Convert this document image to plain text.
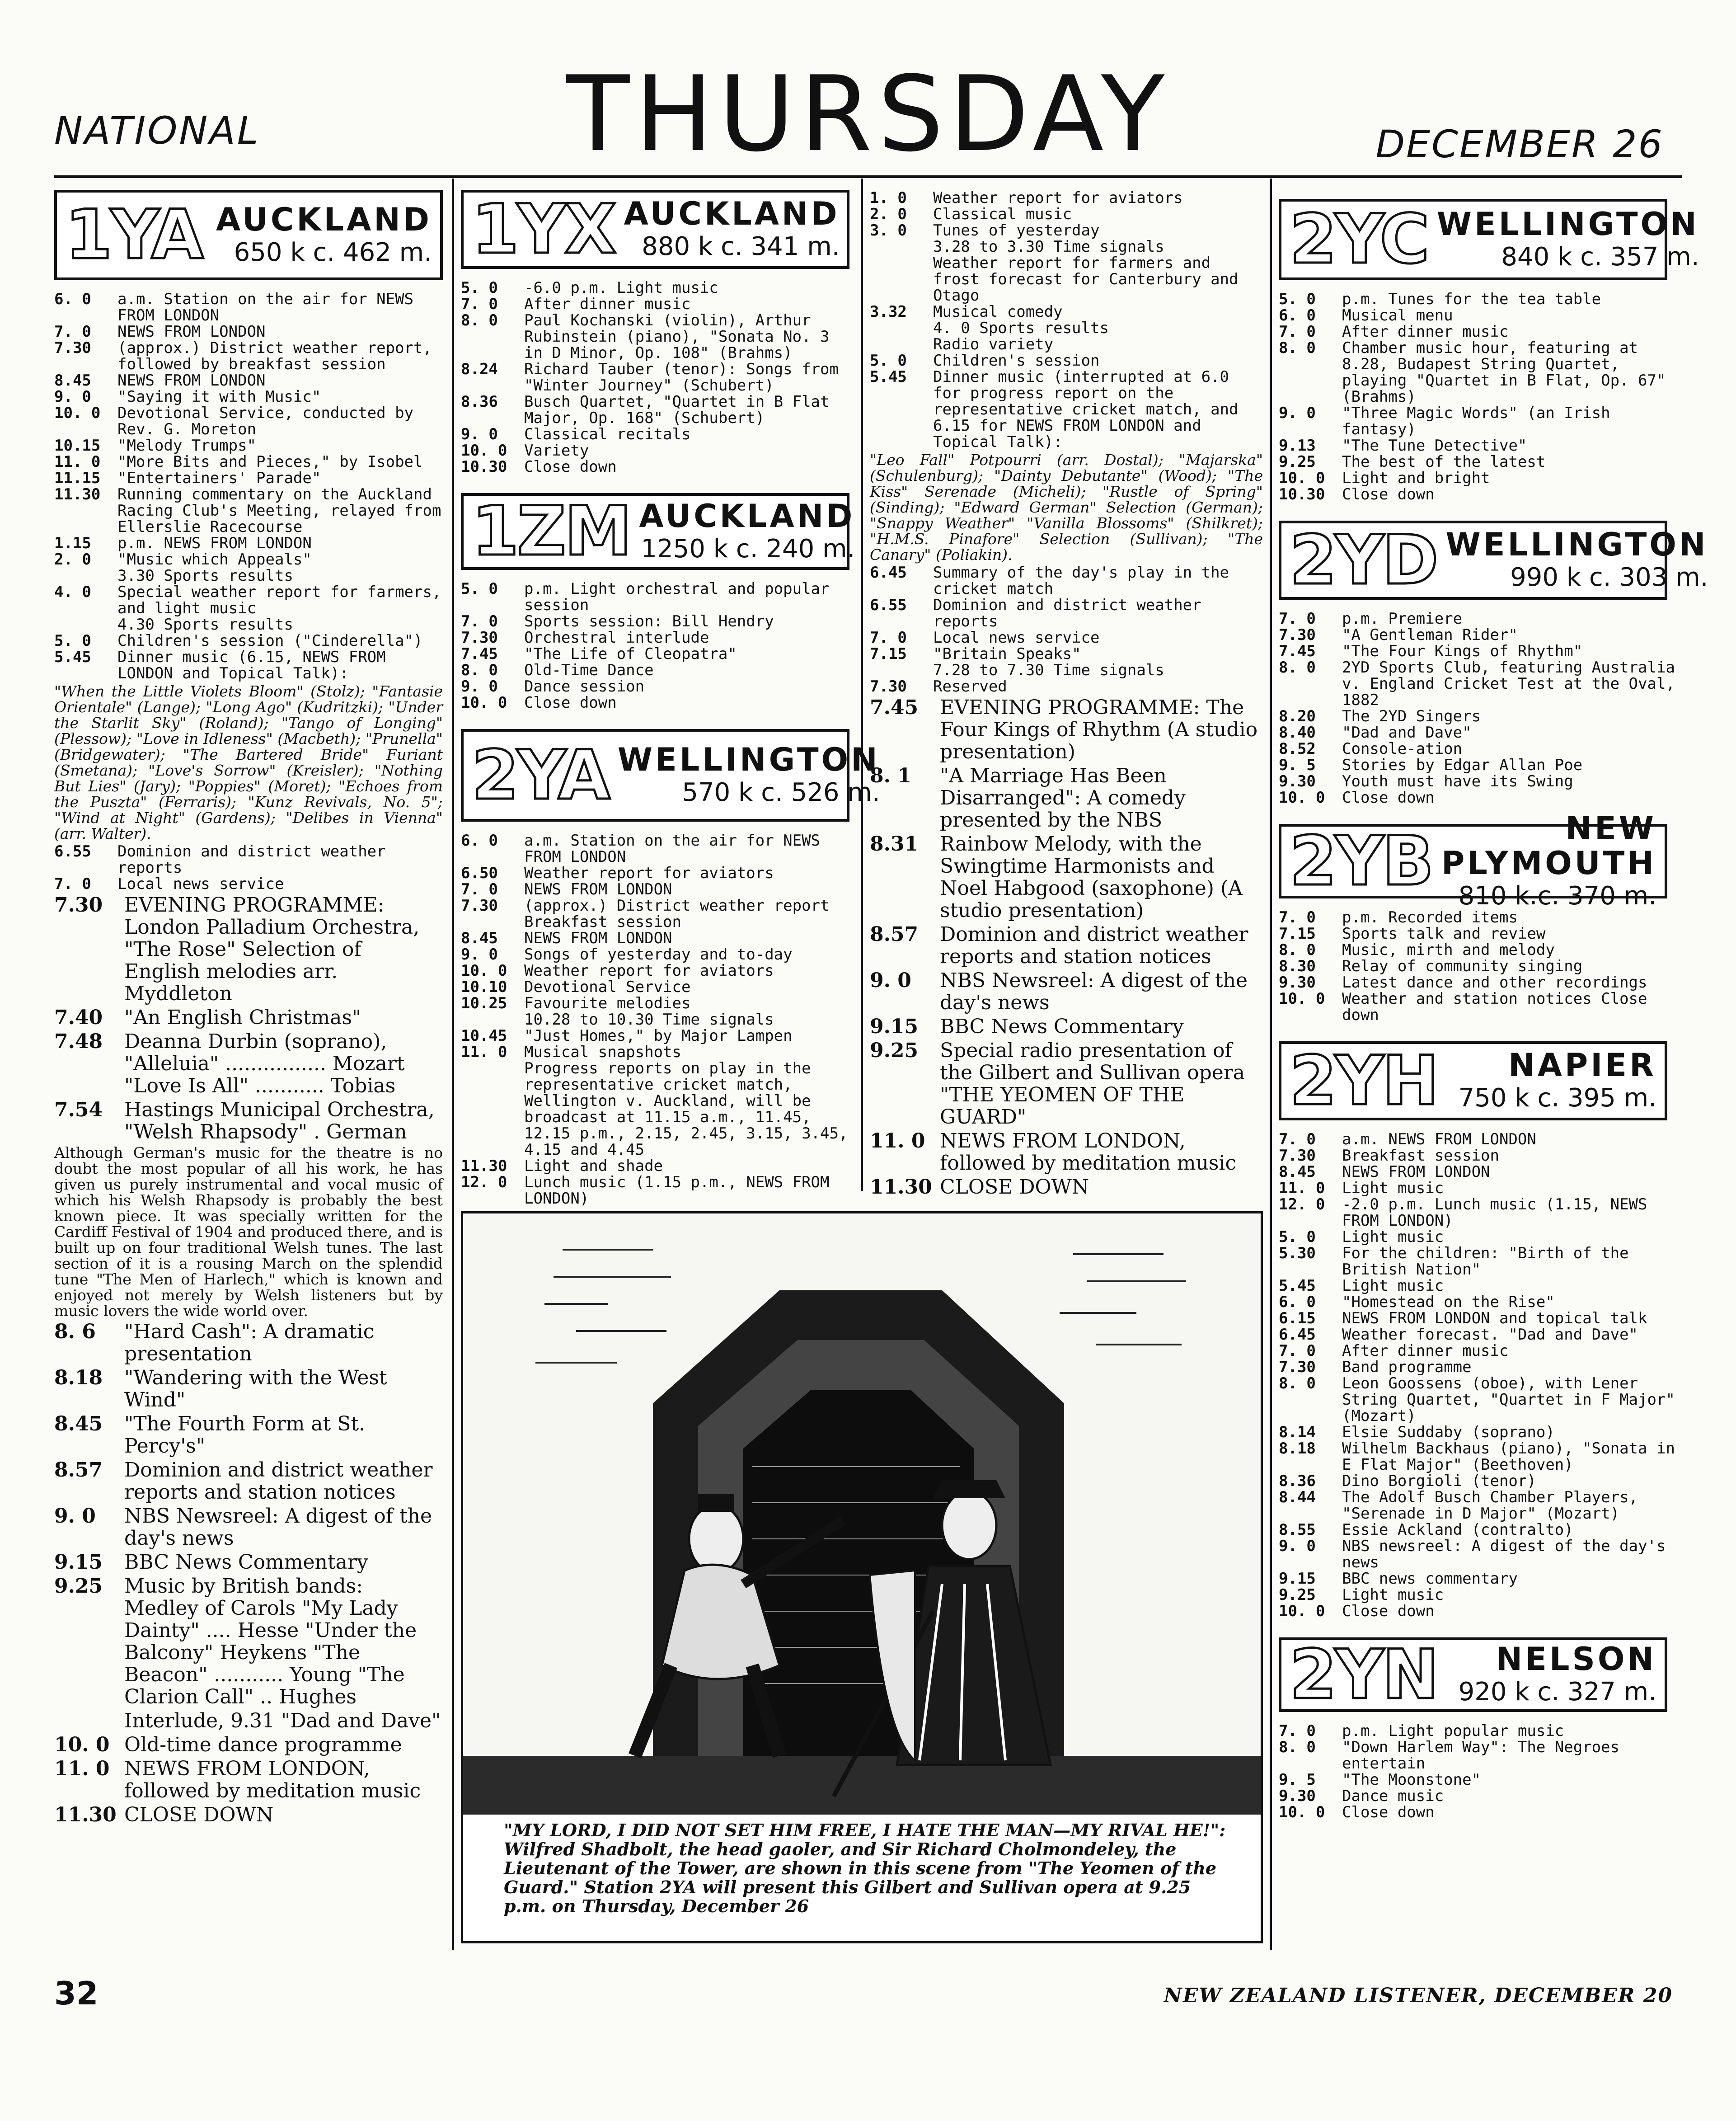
NATIONAL	THURSDAY	DECEMBER 26
1YA AUCKLAND
650 k c. 462 m.
6. 0	a.m. Station on the air for NEWS FROM LONDON
7. 0	NEWS FROM LONDON
7.30	(approx.) District weather report, followed by breakfast session
8.45	NEWS FROM LONDON
9. 0	"Saying it with Music"
10. 0	Devotional Service, conducted by Rev. G. Moreton
10.15	"Melody Trumps"
11. 0	"More Bits and Pieces," by Isobel
11.15	"Entertainers' Parade"
11.30	Running commentary on the Auckland Racing Club's Meeting, relayed from Ellerslie Racecourse
1.15	p.m. NEWS FROM LONDON
2. 0	"Music which Appeals"
3.30 Sports results
4. 0	Special weather report for farmers, and light music
4.30 Sports results
5. 0	Children's session ("Cinderella")
5.45	Dinner music (6.15, NEWS FROM LONDON and Topical Talk):
"When the Little Violets Bloom" (Stolz); "Fantasie Orientale" (Lange); "Long Ago" (Kudritzki); "Under the Starlit Sky" (Roland); "Tango of Longing" (Plessow); "Love in Idleness" (Macbeth); "Prunella" (Bridgewater); "The Bartered Bride" Furiant (Smetana); "Love's Sorrow" (Kreisler); "Nothing But Lies" (Jary); "Poppies" (Moret); "Echoes from the Puszta" (Ferraris); "Kunz Revivals, No. 5"; "Wind at Night" (Gardens); "Delibes in Vienna" (arr. Walter).
6.55	Dominion and district weather reports
7. 0	Local news service
7.30	EVENING PROGRAMME: London Palladium Orchestra, "The Rose" Selection of English melodies arr. Myddleton
7.40	"An English Christmas"
7.48	Deanna Durbin (soprano), "Alleluia" ................ Mozart "Love Is All" ........... Tobias
7.54	Hastings Municipal Orchestra, "Welsh Rhapsody" . German
Although German's music for the theatre is no doubt the most popular of all his work, he has given us purely instrumental and vocal music of which his Welsh Rhapsody is probably the best known piece. It was specially written for the Cardiff Festival of 1904 and produced there, and is built up on four traditional Welsh tunes. The last section of it is a rousing March on the splendid tune "The Men of Harlech," which is known and enjoyed not merely by Welsh listeners but by music lovers the wide world over.
8. 6	"Hard Cash": A dramatic presentation
8.18	"Wandering with the West Wind"
8.45	"The Fourth Form at St. Percy's"
8.57	Dominion and district weather reports and station notices
9. 0	NBS Newsreel: A digest of the day's news
9.15	BBC News Commentary
9.25	Music by British bands: Medley of Carols "My Lady Dainty" .... Hesse "Under the Balcony" Heykens "The Beacon" ........... Young "The Clarion Call" .. Hughes
Interlude, 9.31 "Dad and Dave"
10. 0 Old-time dance programme
11. 0 NEWS FROM LONDON, followed by meditation music
11.30 CLOSE DOWN
1YX AUCKLAND
880 k c. 341 m.
5. 0	-6.0 p.m. Light music
7. 0	After dinner music
8. 0	Paul Kochanski (violin), Arthur Rubinstein (piano), "Sonata No. 3 in D Minor, Op. 108" (Brahms)
8.24	Richard Tauber (tenor): Songs from "Winter Journey" (Schubert)
8.36	Busch Quartet, "Quartet in B Flat Major, Op. 168" (Schubert)
9. 0	Classical recitals
10. 0	Variety
10.30	Close down
1ZM AUCKLAND
1250 k c. 240 m.
5. 0	p.m. Light orchestral and popular session
7. 0	Sports session: Bill Hendry
7.30	Orchestral interlude
7.45	"The Life of Cleopatra"
8. 0	Old-Time Dance
9. 0	Dance session
10. 0	Close down
2YA WELLINGTON
570 k c. 526 m.
6. 0	a.m. Station on the air for NEWS FROM LONDON
6.50	Weather report for aviators
7. 0	NEWS FROM LONDON
7.30	(approx.) District weather report Breakfast session
8.45	NEWS FROM LONDON
9. 0	Songs of yesterday and to-day
10. 0	Weather report for aviators
10.10	Devotional Service
10.25	Favourite melodies
10.28 to 10.30 Time signals
10.45	"Just Homes," by Major Lampen
11. 0	Musical snapshots
Progress reports on play in the representative cricket match, Wellington v. Auckland, will be broadcast at 11.15 a.m., 11.45, 12.15 p.m., 2.15, 2.45, 3.15, 3.45, 4.15 and 4.45
11.30	Light and shade
12. 0	Lunch music (1.15 p.m., NEWS FROM LONDON)
1. 0	Weather report for aviators
2. 0	Classical music
3. 0	Tunes of yesterday
3.28 to 3.30 Time signals
Weather report for farmers and frost forecast for Canterbury and Otago
3.32	Musical comedy
4. 0 Sports results
Radio variety
5. 0	Children's session
5.45	Dinner music (interrupted at 6.0 for progress report on the representative cricket match, and 6.15 for NEWS FROM LONDON and Topical Talk):
"Leo Fall" Potpourri (arr. Dostal); "Majarska" (Schulenburg); "Dainty Debutante" (Wood); "The Kiss" Serenade (Micheli); "Rustle of Spring" (Sinding); "Edward German" Selection (German); "Snappy Weather" "Vanilla Blossoms" (Shilkret); "H.M.S. Pinafore" Selection (Sullivan); "The Canary" (Poliakin).
6.45	Summary of the day's play in the cricket match
6.55	Dominion and district weather reports
7. 0	Local news service
7.15	"Britain Speaks"
7.28 to 7.30 Time signals
7.30	Reserved
7.45	EVENING PROGRAMME: The Four Kings of Rhythm (A studio presentation)
8. 1	"A Marriage Has Been Disarranged": A comedy presented by the NBS
8.31	Rainbow Melody, with the Swingtime Harmonists and Noel Habgood (saxophone) (A studio presentation)
8.57	Dominion and district weather reports and station notices
9. 0	NBS Newsreel: A digest of the day's news
9.15	BBC News Commentary
9.25	Special radio presentation of the Gilbert and Sullivan opera "THE YEOMEN OF THE GUARD"
11. 0 NEWS FROM LONDON, followed by meditation music
11.30 CLOSE DOWN
"MY LORD, I DID NOT SET HIM FREE, I HATE THE MAN—MY RIVAL HE!": Wilfred Shadbolt, the head gaoler, and Sir Richard Cholmondeley, the Lieutenant of the Tower, are shown in this scene from "The Yeomen of the Guard." Station 2YA will present this Gilbert and Sullivan opera at 9.25 p.m. on Thursday, December 26
2YC WELLINGTON
840 k c. 357 m.
5. 0	p.m. Tunes for the tea table
6. 0	Musical menu
7. 0	After dinner music
8. 0	Chamber music hour, featuring at 8.28, Budapest String Quartet, playing "Quartet in B Flat, Op. 67" (Brahms)
9. 0	"Three Magic Words" (an Irish fantasy)
9.13	"The Tune Detective"
9.25	The best of the latest
10. 0	Light and bright
10.30	Close down
2YD WELLINGTON
990 k c. 303 m.
7. 0	p.m. Premiere
7.30	"A Gentleman Rider"
7.45	"The Four Kings of Rhythm"
8. 0	2YD Sports Club, featuring Australia v. England Cricket Test at the Oval, 1882
8.20	The 2YD Singers
8.40	"Dad and Dave"
8.52	Console-ation
9. 5	Stories by Edgar Allan Poe
9.30	Youth must have its Swing
10. 0	Close down
2YB	NEW PLYMOUTH
810 k.c. 370 m.
7. 0	p.m. Recorded items
7.15	Sports talk and review
8. 0	Music, mirth and melody
8.30	Relay of community singing
9.30	Latest dance and other recordings
10. 0	Weather and station notices Close down
2YH	NAPIER
750 k c. 395 m.
7. 0	a.m. NEWS FROM LONDON
7.30	Breakfast session
8.45	NEWS FROM LONDON
11. 0	Light music
12. 0	-2.0 p.m. Lunch music (1.15, NEWS FROM LONDON)
5. 0	Light music
5.30	For the children: "Birth of the British Nation"
5.45	Light music
6. 0	"Homestead on the Rise"
6.15	NEWS FROM LONDON and topical talk
6.45	Weather forecast. "Dad and Dave"
7. 0	After dinner music
7.30	Band programme
8. 0	Leon Goossens (oboe), with Lener String Quartet, "Quartet in F Major" (Mozart)
8.14	Elsie Suddaby (soprano)
8.18	Wilhelm Backhaus (piano), "Sonata in E Flat Major" (Beethoven)
8.36	Dino Borgioli (tenor)
8.44	The Adolf Busch Chamber Players, "Serenade in D Major" (Mozart)
8.55	Essie Ackland (contralto)
9. 0	NBS newsreel: A digest of the day's news
9.15	BBC news commentary
9.25	Light music
10. 0	Close down
2YN	NELSON
920 k c. 327 m.
7. 0	p.m. Light popular music
8. 0	"Down Harlem Way": The Negroes entertain
9. 5	"The Moonstone"
9.30	Dance music
10. 0	Close down
32	NEW ZEALAND LISTENER, DECEMBER 20
